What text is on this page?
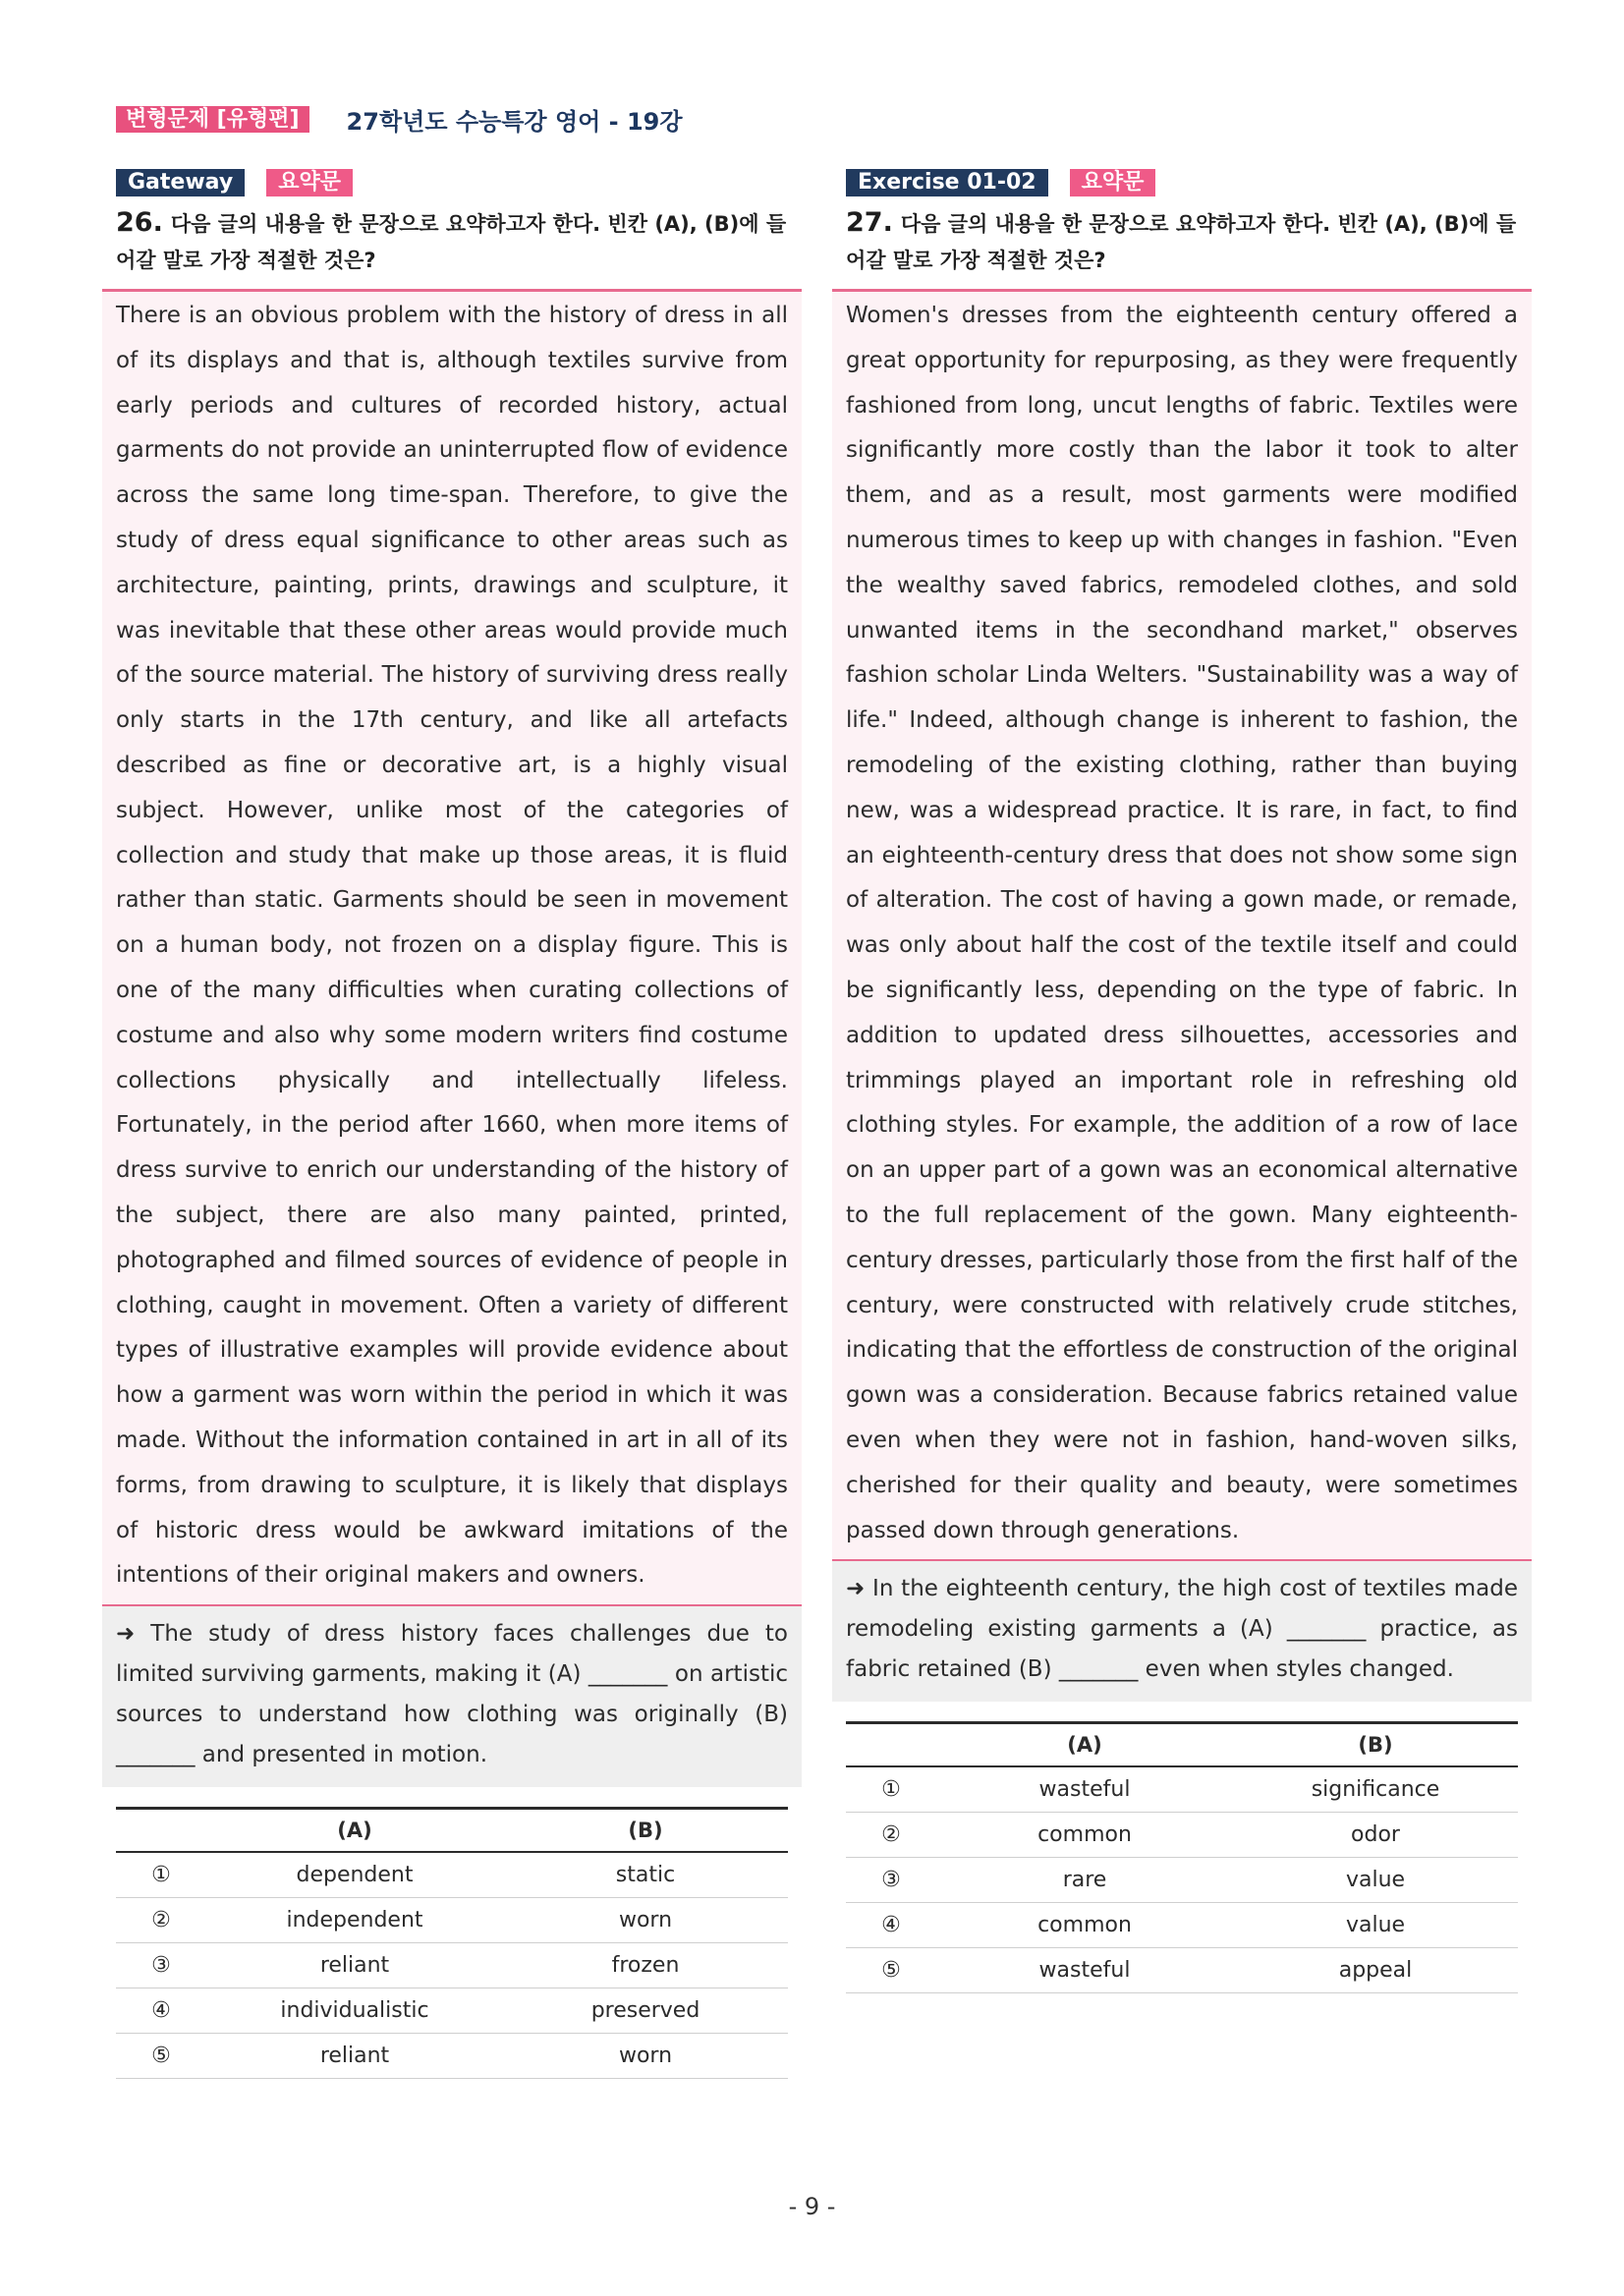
변형문제 [유형편]	27학년도 수능특강 영어 - 19강
Gateway	요약문
26. 다음 글의 내용을 한 문장으로 요약하고자 한다. 빈칸 (A), (B)에 들어갈 말로 가장 적절한 것은?
There is an obvious problem with the history of dress in all of its displays and that is, although textiles survive from early periods and cultures of recorded history, actual garments do not provide an uninterrupted flow of evidence across the same long time-span. Therefore, to give the study of dress equal significance to other areas such as architecture, painting, prints, drawings and sculpture, it was inevitable that these other areas would provide much of the source material. The history of surviving dress really only starts in the 17th century, and like all artefacts described as fine or decorative art, is a highly visual subject. However, unlike most of the categories of collection and study that make up those areas, it is fluid rather than static. Garments should be seen in movement on a human body, not frozen on a display figure. This is one of the many difficulties when curating collections of costume and also why some modern writers find costume collections physically and intellectually lifeless. Fortunately, in the period after 1660, when more items of dress survive to enrich our understanding of the history of the subject, there are also many painted, printed, photographed and filmed sources of evidence of people in clothing, caught in movement. Often a variety of different types of illustrative examples will provide evidence about how a garment was worn within the period in which it was made. Without the information contained in art in all of its forms, from drawing to sculpture, it is likely that displays of historic dress would be awkward imitations of the intentions of their original makers and owners.
➜ The study of dress history faces challenges due to limited surviving garments, making it (A) _______ on artistic sources to understand how clothing was originally (B) _______ and presented in motion.
	(A)	(B)
①	dependent	static
②	independent	worn
③	reliant	frozen
④	individualistic	preserved
⑤	reliant	worn
Exercise 01-02	요약문
27. 다음 글의 내용을 한 문장으로 요약하고자 한다. 빈칸 (A), (B)에 들어갈 말로 가장 적절한 것은?
Women's dresses from the eighteenth century offered a great opportunity for repurposing, as they were frequently fashioned from long, uncut lengths of fabric. Textiles were significantly more costly than the labor it took to alter them, and as a result, most garments were modified numerous times to keep up with changes in fashion. "Even the wealthy saved fabrics, remodeled clothes, and sold unwanted items in the secondhand market," observes fashion scholar Linda Welters. "Sustainability was a way of life." Indeed, although change is inherent to fashion, the remodeling of the existing clothing, rather than buying new, was a widespread practice. It is rare, in fact, to find an eighteenth-century dress that does not show some sign of alteration. The cost of having a gown made, or remade, was only about half the cost of the textile itself and could be significantly less, depending on the type of fabric. In addition to updated dress silhouettes, accessories and trimmings played an important role in refreshing old clothing styles. For example, the addition of a row of lace on an upper part of a gown was an economical alternative to the full replacement of the gown. Many eighteenth-century dresses, particularly those from the first half of the century, were constructed with relatively crude stitches, indicating that the effortless de construction of the original gown was a consideration. Because fabrics retained value even when they were not in fashion, hand-woven silks, cherished for their quality and beauty, were sometimes passed down through generations.
➜ In the eighteenth century, the high cost of textiles made remodeling existing garments a (A) _______ practice, as fabric retained (B) _______ even when styles changed.
	(A)	(B)
①	wasteful	significance
②	common	odor
③	rare	value
④	common	value
⑤	wasteful	appeal
- 9 -
